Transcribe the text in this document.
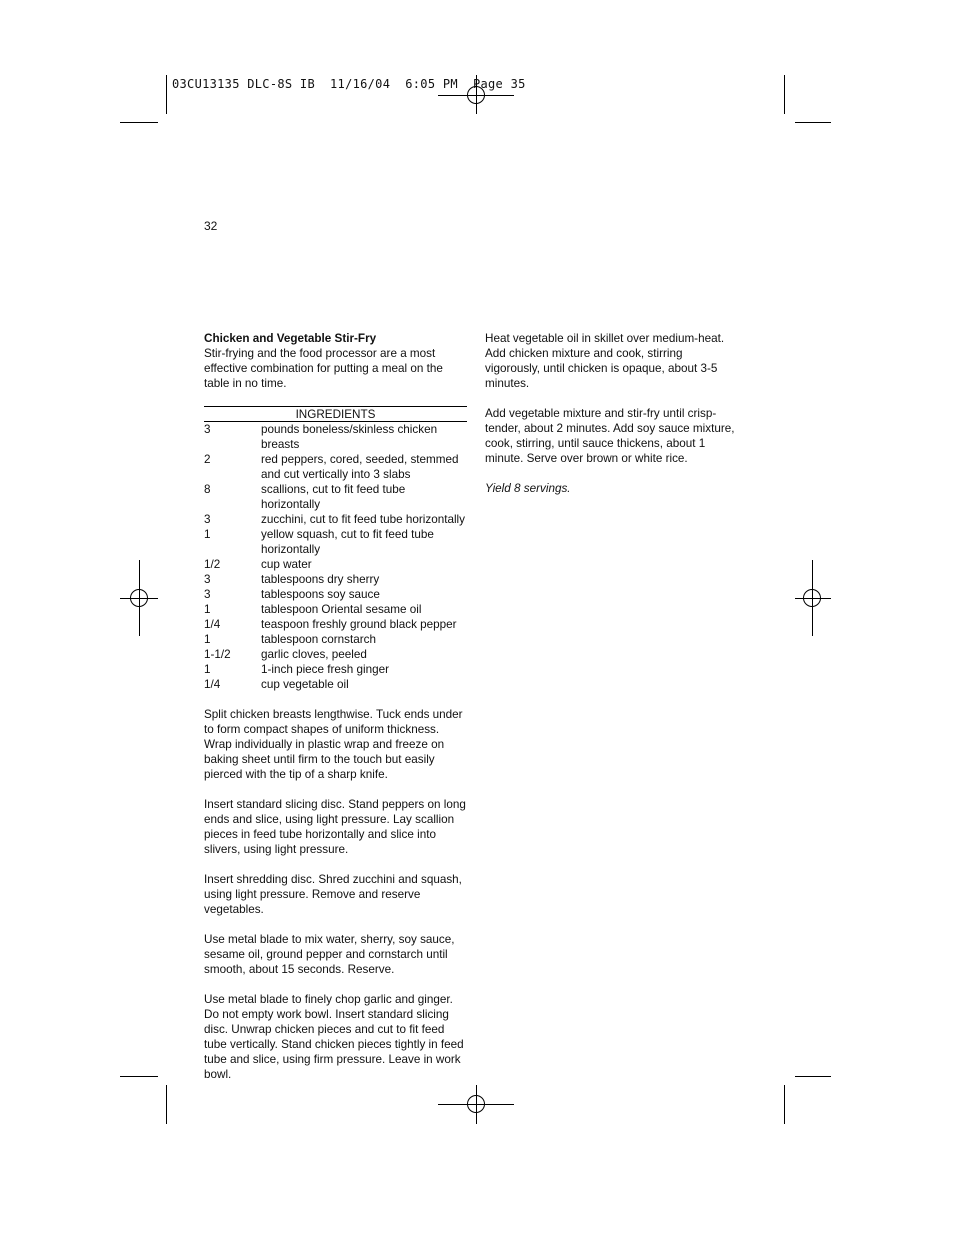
03CU13135 DLC-8S IB  11/16/04  6:05 PM  Page 35
32
Chicken and Vegetable Stir-Fry

Stir-frying and the food processor are a most effective combination for putting a meal on the table in no time.

INGREDIENTS
3	pounds boneless/skinless chicken breasts
2	red peppers, cored, seeded, stemmed and cut vertically into 3 slabs
8	scallions, cut to fit feed tube horizontally
3	zucchini, cut to fit feed tube horizontally
1	yellow squash, cut to fit feed tube horizontally
1/2	cup water
3	tablespoons dry sherry
3	tablespoons soy sauce
1	tablespoon Oriental sesame oil
1/4	teaspoon freshly ground black pepper
1	tablespoon cornstarch
1-1/2	garlic cloves, peeled
1	1-inch piece fresh ginger
1/4	cup vegetable oil

Split chicken breasts lengthwise. Tuck ends under to form compact shapes of uniform thickness. Wrap individually in plastic wrap and freeze on baking sheet until firm to the touch but easily pierced with the tip of a sharp knife.

Insert standard slicing disc. Stand peppers on long ends and slice, using light pressure. Lay scallion pieces in feed tube horizontally and slice into slivers, using light pressure.

Insert shredding disc. Shred zucchini and squash, using light pressure. Remove and reserve vegetables.

Use metal blade to mix water, sherry, soy sauce, sesame oil, ground pepper and cornstarch until smooth, about 15 seconds. Reserve.

Use metal blade to finely chop garlic and ginger. Do not empty work bowl. Insert standard slicing disc. Unwrap chicken pieces and cut to fit feed tube vertically. Stand chicken pieces tightly in feed tube and slice, using firm pressure. Leave in work bowl.

Heat vegetable oil in skillet over medium-heat. Add chicken mixture and cook, stirring vigorously, until chicken is opaque, about 3-5 minutes.

Add vegetable mixture and stir-fry until crisp-tender, about 2 minutes. Add soy sauce mixture, cook, stirring, until sauce thickens, about 1 minute. Serve over brown or white rice.

Yield 8 servings.
